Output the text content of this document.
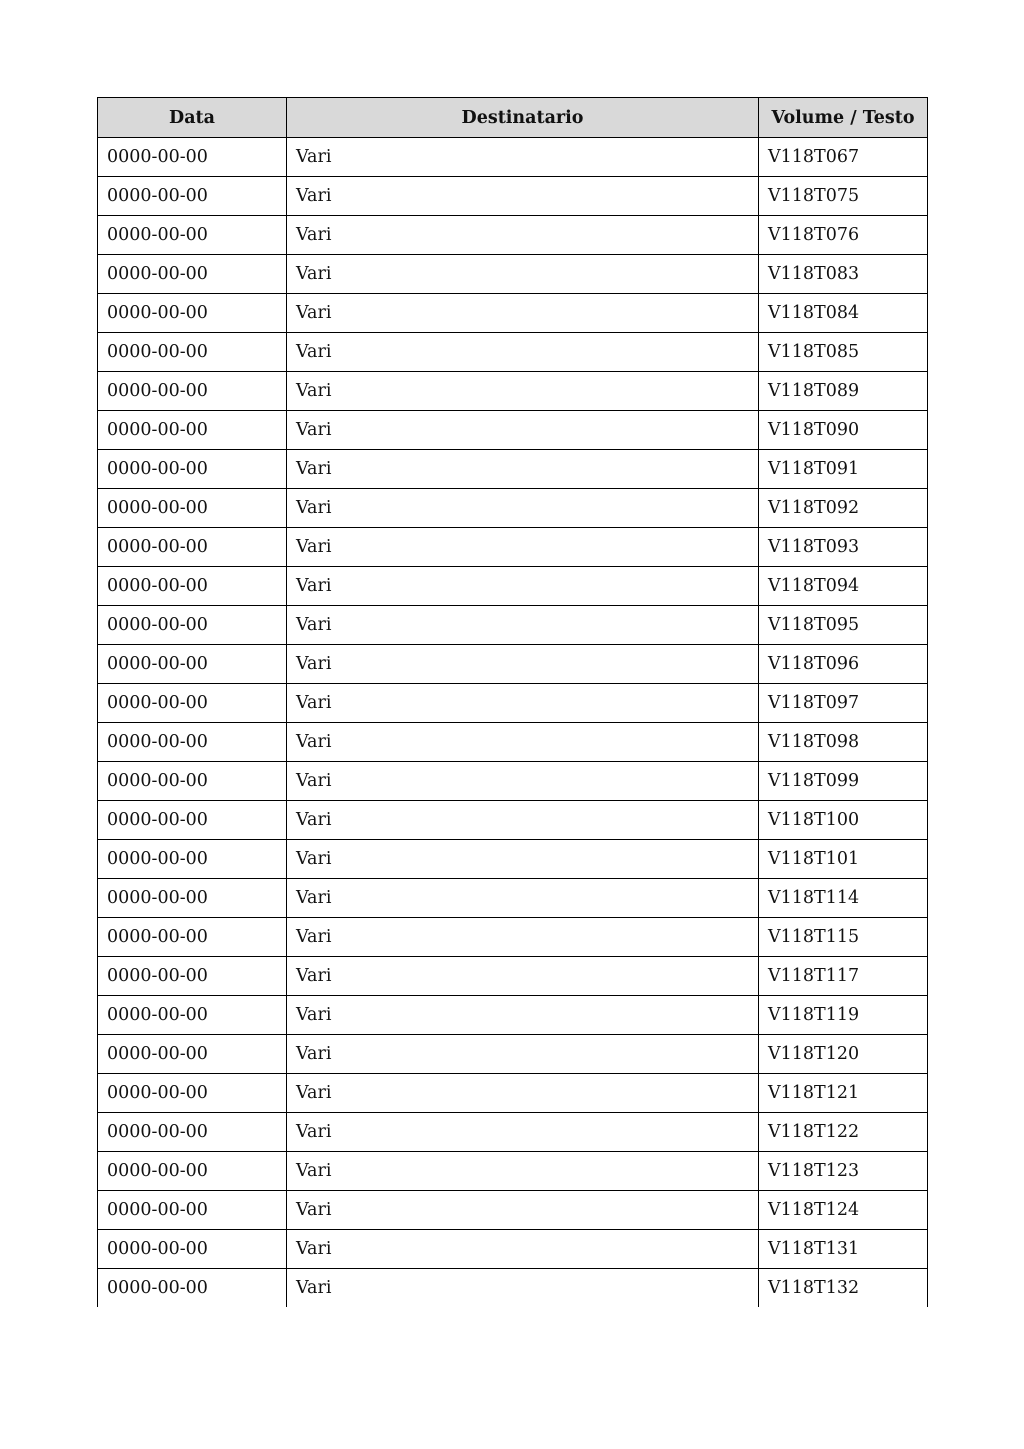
Data	Destinatario	Volume / Testo
0000-00-00	Vari	V118T067
0000-00-00	Vari	V118T075
0000-00-00	Vari	V118T076
0000-00-00	Vari	V118T083
0000-00-00	Vari	V118T084
0000-00-00	Vari	V118T085
0000-00-00	Vari	V118T089
0000-00-00	Vari	V118T090
0000-00-00	Vari	V118T091
0000-00-00	Vari	V118T092
0000-00-00	Vari	V118T093
0000-00-00	Vari	V118T094
0000-00-00	Vari	V118T095
0000-00-00	Vari	V118T096
0000-00-00	Vari	V118T097
0000-00-00	Vari	V118T098
0000-00-00	Vari	V118T099
0000-00-00	Vari	V118T100
0000-00-00	Vari	V118T101
0000-00-00	Vari	V118T114
0000-00-00	Vari	V118T115
0000-00-00	Vari	V118T117
0000-00-00	Vari	V118T119
0000-00-00	Vari	V118T120
0000-00-00	Vari	V118T121
0000-00-00	Vari	V118T122
0000-00-00	Vari	V118T123
0000-00-00	Vari	V118T124
0000-00-00	Vari	V118T131
0000-00-00	Vari	V118T132
